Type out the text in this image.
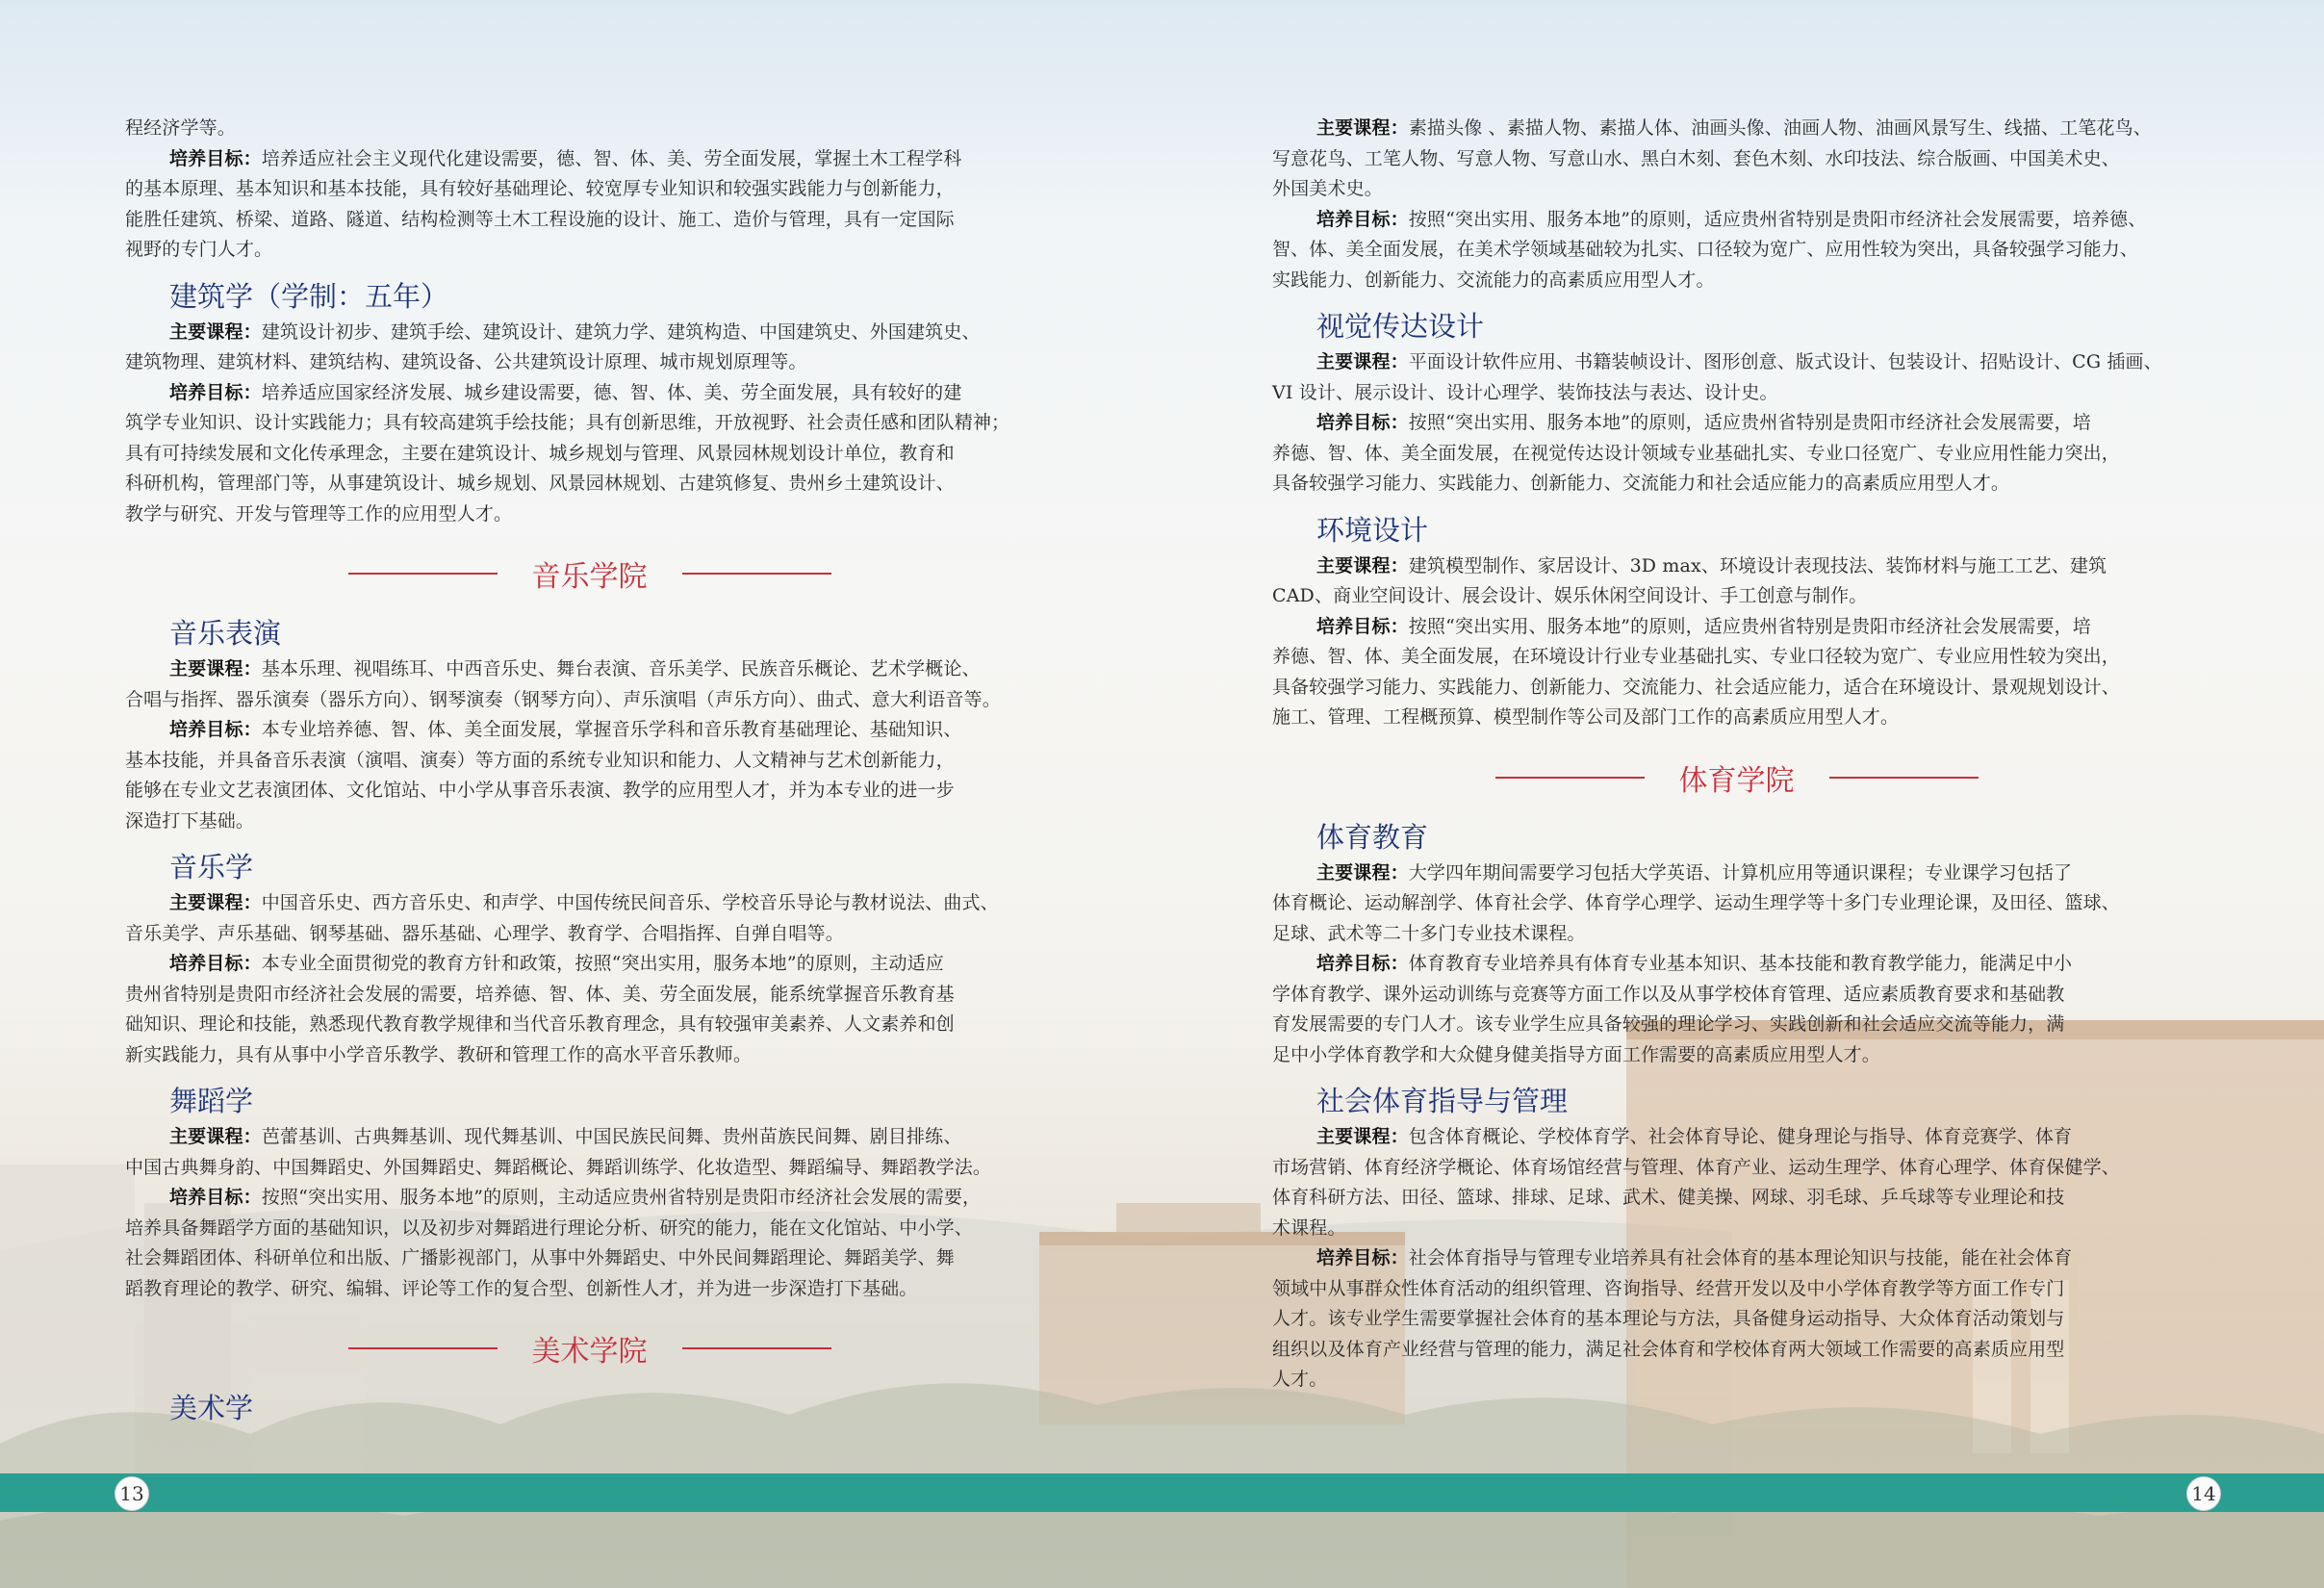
程经济学等。

培养目标：培养适应社会主义现代化建设需要，德、智、体、美、劳全面发展，掌握土木工程学科

的基本原理、基本知识和基本技能，具有较好基础理论、较宽厚专业知识和较强实践能力与创新能力，

能胜任建筑、桥梁、道路、隧道、结构检测等土木工程设施的设计、施工、造价与管理，具有一定国际

视野的专门人才。

建筑学（学制：五年）

主要课程：建筑设计初步、建筑手绘、建筑设计、建筑力学、建筑构造、中国建筑史、外国建筑史、

建筑物理、建筑材料、建筑结构、建筑设备、公共建筑设计原理、城市规划原理等。

培养目标：培养适应国家经济发展、城乡建设需要，德、智、体、美、劳全面发展，具有较好的建

筑学专业知识、设计实践能力；具有较高建筑手绘技能；具有创新思维，开放视野、社会责任感和团队精神；

具有可持续发展和文化传承理念，主要在建筑设计、城乡规划与管理、风景园林规划设计单位，教育和

科研机构，管理部门等，从事建筑设计、城乡规划、风景园林规划、古建筑修复、贵州乡土建筑设计、

教学与研究、开发与管理等工作的应用型人才。

音乐学院
音乐表演

主要课程：基本乐理、视唱练耳、中西音乐史、舞台表演、音乐美学、民族音乐概论、艺术学概论、

合唱与指挥、器乐演奏（器乐方向）、钢琴演奏（钢琴方向）、声乐演唱（声乐方向）、曲式、意大利语音等。

培养目标：本专业培养德、智、体、美全面发展，掌握音乐学科和音乐教育基础理论、基础知识、

基本技能，并具备音乐表演（演唱、演奏）等方面的系统专业知识和能力、人文精神与艺术创新能力，

能够在专业文艺表演团体、文化馆站、中小学从事音乐表演、教学的应用型人才，并为本专业的进一步

深造打下基础。

音乐学

主要课程：中国音乐史、西方音乐史、和声学、中国传统民间音乐、学校音乐导论与教材说法、曲式、

音乐美学、声乐基础、钢琴基础、器乐基础、心理学、教育学、合唱指挥、自弹自唱等。

培养目标：本专业全面贯彻党的教育方针和政策，按照“突出实用，服务本地”的原则，主动适应

贵州省特别是贵阳市经济社会发展的需要，培养德、智、体、美、劳全面发展，能系统掌握音乐教育基

础知识、理论和技能，熟悉现代教育教学规律和当代音乐教育理念，具有较强审美素养、人文素养和创

新实践能力，具有从事中小学音乐教学、教研和管理工作的高水平音乐教师。

舞蹈学

主要课程：芭蕾基训、古典舞基训、现代舞基训、中国民族民间舞、贵州苗族民间舞、剧目排练、

中国古典舞身韵、中国舞蹈史、外国舞蹈史、舞蹈概论、舞蹈训练学、化妆造型、舞蹈编导、舞蹈教学法。

培养目标：按照“突出实用、服务本地”的原则，主动适应贵州省特别是贵阳市经济社会发展的需要，

培养具备舞蹈学方面的基础知识，以及初步对舞蹈进行理论分析、研究的能力，能在文化馆站、中小学、

社会舞蹈团体、科研单位和出版、广播影视部门，从事中外舞蹈史、中外民间舞蹈理论、舞蹈美学、舞

蹈教育理论的教学、研究、编辑、评论等工作的复合型、创新性人才，并为进一步深造打下基础。

美术学院
美术学

主要课程：素描头像 、素描人物、素描人体、油画头像、油画人物、油画风景写生、线描、工笔花鸟、

写意花鸟、工笔人物、写意人物、写意山水、黑白木刻、套色木刻、水印技法、综合版画、中国美术史、

外国美术史。

培养目标：按照“突出实用、服务本地”的原则，适应贵州省特别是贵阳市经济社会发展需要，培养德、

智、体、美全面发展，在美术学领域基础较为扎实、口径较为宽广、应用性较为突出，具备较强学习能力、

实践能力、创新能力、交流能力的高素质应用型人才。

视觉传达设计

主要课程：平面设计软件应用、书籍装帧设计、图形创意、版式设计、包装设计、招贴设计、CG 插画、

VI 设计、展示设计、设计心理学、装饰技法与表达、设计史。

培养目标：按照“突出实用、服务本地”的原则，适应贵州省特别是贵阳市经济社会发展需要，培

养德、智、体、美全面发展，在视觉传达设计领域专业基础扎实、专业口径宽广、专业应用性能力突出，

具备较强学习能力、实践能力、创新能力、交流能力和社会适应能力的高素质应用型人才。

环境设计

主要课程：建筑模型制作、家居设计、3D max、环境设计表现技法、装饰材料与施工工艺、建筑

CAD、商业空间设计、展会设计、娱乐休闲空间设计、手工创意与制作。

培养目标：按照“突出实用、服务本地”的原则，适应贵州省特别是贵阳市经济社会发展需要，培

养德、智、体、美全面发展，在环境设计行业专业基础扎实、专业口径较为宽广、专业应用性较为突出，

具备较强学习能力、实践能力、创新能力、交流能力、社会适应能力，适合在环境设计、景观规划设计、

施工、管理、工程概预算、模型制作等公司及部门工作的高素质应用型人才。

体育学院
体育教育

主要课程：大学四年期间需要学习包括大学英语、计算机应用等通识课程；专业课学习包括了

体育概论、运动解剖学、体育社会学、体育学心理学、运动生理学等十多门专业理论课，及田径、篮球、

足球、武术等二十多门专业技术课程。

培养目标：体育教育专业培养具有体育专业基本知识、基本技能和教育教学能力，能满足中小

学体育教学、课外运动训练与竞赛等方面工作以及从事学校体育管理、适应素质教育要求和基础教

育发展需要的专门人才。该专业学生应具备较强的理论学习、实践创新和社会适应交流等能力，满

足中小学体育教学和大众健身健美指导方面工作需要的高素质应用型人才。

社会体育指导与管理

主要课程：包含体育概论、学校体育学、社会体育导论、健身理论与指导、体育竞赛学、体育

市场营销、体育经济学概论、体育场馆经营与管理、体育产业、运动生理学、体育心理学、体育保健学、

体育科研方法、田径、篮球、排球、足球、武术、健美操、网球、羽毛球、乒乓球等专业理论和技

术课程。

培养目标：社会体育指导与管理专业培养具有社会体育的基本理论知识与技能，能在社会体育

领域中从事群众性体育活动的组织管理、咨询指导、经营开发以及中小学体育教学等方面工作专门

人才。该专业学生需要掌握社会体育的基本理论与方法，具备健身运动指导、大众体育活动策划与

组织以及体育产业经营与管理的能力，满足社会体育和学校体育两大领域工作需要的高素质应用型

人才。

13	14
